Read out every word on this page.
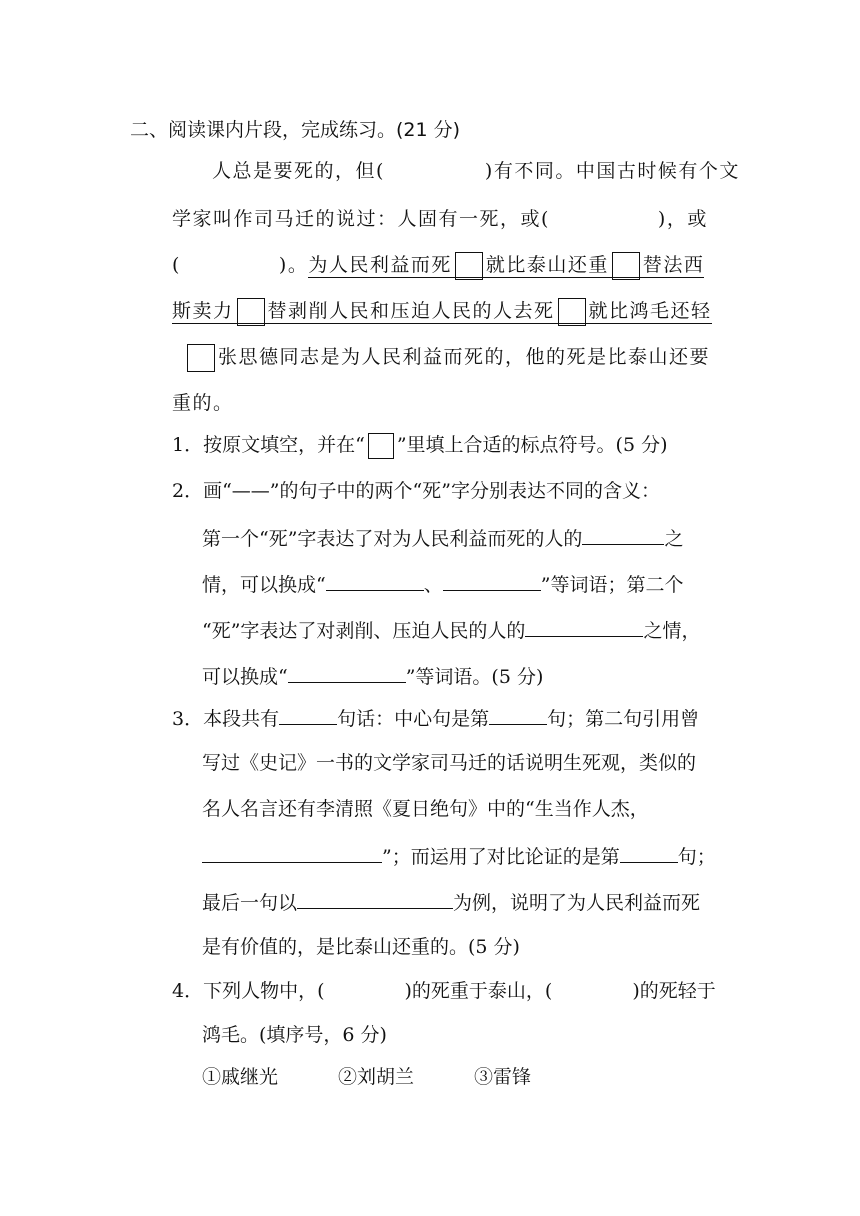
二、阅读课内片段，完成练习。(21 分)
人总是要死的，但(	)有不同。中国古时候有个文
学家叫作司马迁的说过：人固有一死，或(	)，或
(	)。为人民利益而死 就比泰山还重 替法西
斯卖力 替剥削人民和压迫人民的人去死 就比鸿毛还轻
张思德同志是为人民利益而死的，他的死是比泰山还要
重的。
1．按原文填空，并在“ ”里填上合适的标点符号。(5 分)
2．画“——”的句子中的两个“死”字分别表达不同的含义：
第一个“死”字表达了对为人民利益而死的人的	之
情，可以换成“	、	”等词语；第二个
“死”字表达了对剥削、压迫人民的人的	之情，
可以换成“	”等词语。(5 分)
3．本段共有	句话：中心句是第	句；第二句引用曾
写过《史记》一书的文学家司马迁的话说明生死观，类似的
名人名言还有李清照《夏日绝句》中的“生当作人杰，
”；而运用了对比论证的是第	句；
最后一句以	为例，说明了为人民利益而死
是有价值的，是比泰山还重的。(5 分)
4．下列人物中，(	)的死重于泰山，(	)的死轻于
鸿毛。(填序号，6 分)
①戚继光	②刘胡兰	③雷锋
